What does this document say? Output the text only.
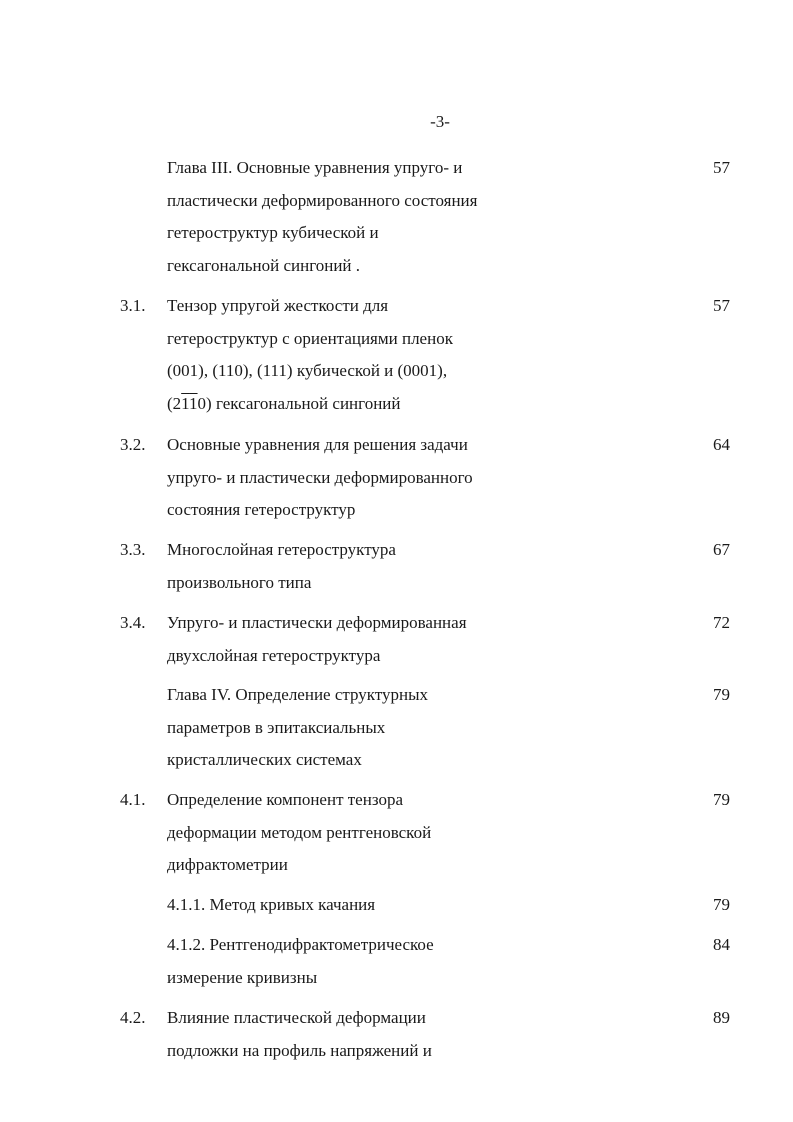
-3-
Глава III. Основные уравнения упруго- и
пластически деформированного состояния
гетероструктур кубической и
гексагональной сингоний .
57
3.1. Тензор упругой жесткости для
гетероструктур с ориентациями пленок
(001), (110), (111) кубической и (0001),
(2110) гексагональной сингоний
57
3.2. Основные уравнения для решения задачи
упруго- и пластически деформированного
состояния гетероструктур
64
3.3. Многослойная гетероструктура
произвольного типа
67
3.4. Упруго- и пластически деформированная
двухслойная гетероструктура
72
Глава IV. Определение структурных
параметров в эпитаксиальных
кристаллических системах
79
4.1. Определение компонент тензора
деформации методом рентгеновской
дифрактометрии
79
4.1.1. Метод кривых качания	79
4.1.2. Рентгенодифрактометрическое
измерение кривизны
84
4.2. Влияние пластической деформации
подложки на профиль напряжений и
89
